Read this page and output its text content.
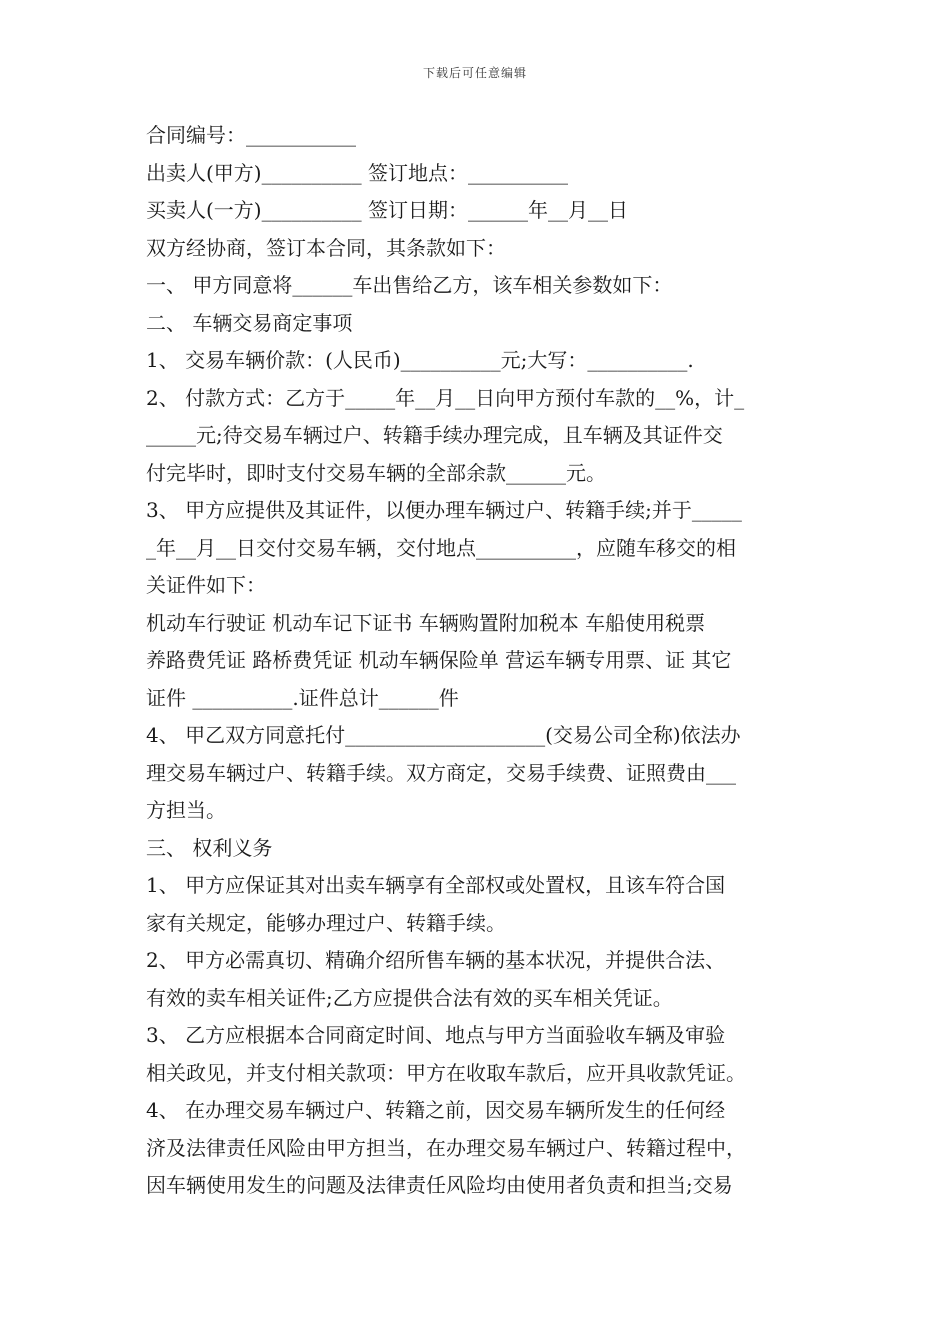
下载后可任意编辑
合同编号：___________
出卖人(甲方)__________ 签订地点：__________
买卖人(一方)__________ 签订日期：______年__月__日
双方经协商，签订本合同，其条款如下：
一、 甲方同意将______车出售给乙方，该车相关参数如下：
二、 车辆交易商定事项
1、 交易车辆价款：(人民币)__________元;大写：__________.
2、 付款方式：乙方于_____年__月__日向甲方预付车款的__%，计_
_____元;待交易车辆过户、转籍手续办理完成，且车辆及其证件交
付完毕时，即时支付交易车辆的全部余款______元。
3、 甲方应提供及其证件，以便办理车辆过户、转籍手续;并于_____
_年__月__日交付交易车辆，交付地点__________，应随车移交的相
关证件如下：
机动车行驶证 机动车记下证书 车辆购置附加税本 车船使用税票
养路费凭证 路桥费凭证 机动车辆保险单 营运车辆专用票、证 其它
证件 __________.证件总计______件
4、 甲乙双方同意托付____________________(交易公司全称)依法办
理交易车辆过户、转籍手续。双方商定，交易手续费、证照费由___
方担当。
三、 权利义务
1、 甲方应保证其对出卖车辆享有全部权或处置权，且该车符合国
家有关规定，能够办理过户、转籍手续。
2、 甲方必需真切、精确介绍所售车辆的基本状况，并提供合法、
有效的卖车相关证件;乙方应提供合法有效的买车相关凭证。
3、 乙方应根据本合同商定时间、地点与甲方当面验收车辆及审验
相关政见，并支付相关款项：甲方在收取车款后，应开具收款凭证。
4、 在办理交易车辆过户、转籍之前，因交易车辆所发生的任何经
济及法律责任风险由甲方担当，在办理交易车辆过户、转籍过程中，
因车辆使用发生的问题及法律责任风险均由使用者负责和担当;交易
